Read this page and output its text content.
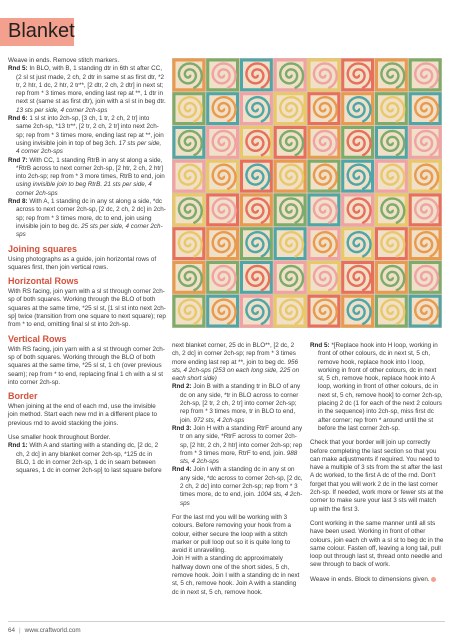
Blanket

Weave in ends. Remove stitch markers.

Rnd 5: In BLO, with B, 1 standing dtr in 6th st after CC, (2 sl st just made, 2 ch, 2 dtr in same st as first dtr, *2 tr, 2 htr, 1 dc, 2 htr, 2 tr**, [2 dtr, 2 ch, 2 dtr] in next st; rep from * 3 times more, ending last rep at **, 1 dtr in next st (same st as first dtr), join with a sl st in beg dtr. 13 sts per side, 4 corner 2ch-sps

Rnd 6: 1 sl st into 2ch-sp, [3 ch, 1 tr, 2 ch, 2 tr] into same 2ch-sp, *13 tr**, [2 tr, 2 ch, 2 tr] into next 2ch-sp; rep from * 3 times more, ending last rep at **, join using invisible join in top of beg 3ch. 17 sts per side, 4 corner 2ch-sps

Rnd 7: With CC, 1 standing RtrB in any st along a side, *RtrB across to next corner 2ch-sp, [2 htr, 2 ch, 2 htr] into 2ch-sp; rep from * 3 more times, RtrB to end, join using invisible join to beg RtrB. 21 sts per side, 4 corner 2ch-sps

Rnd 8: With A, 1 standing dc in any st along a side, *dc across to next corner 2ch-sp, [2 dc, 2 ch, 2 dc] in 2ch-sp; rep from * 3 times more, dc to end, join using invisible join to beg dc. 25 sts per side, 4 corner 2ch-sps

Joining squares

Using photographs as a guide, join horizontal rows of squares first, then join vertical rows.

Horizontal Rows

With RS facing, join yarn with a sl st through corner 2ch-sp of both squares. Working through the BLO of both squares at the same time, *25 sl st, [1 sl st into next 2ch-sp] twice (transition from one square to next square); rep from * to end, omitting final sl st into 2ch-sp.

Vertical Rows

With RS facing, join yarn with a sl st through corner 2ch-sp of both squares. Working through the BLO of both squares at the same time, *25 sl st, 1 ch (over previous seam); rep from * to end, replacing final 1 ch with a sl st into corner 2ch-sp.

Border

When joining at the end of each rnd, use the invisible join method. Start each new rnd in a different place to previous rnd to avoid stacking the joins.

Use smaller hook throughout Border.

Rnd 1: With A and starting with a standing dc, [2 dc, 2 ch, 2 dc] in any blanket corner 2ch-sp, *125 dc in BLO, 1 dc in corner 2ch-sp, 1 dc in seam between squares, 1 dc in corner 2ch-sp] to last square before

next blanket corner, 25 dc in BLO**, [2 dc, 2 ch, 2 dc] in corner 2ch-sp; rep from * 3 times more ending last rep at **, join to beg dc. 956 sts, 4 2ch-sps (253 on each long side, 225 on each short side)

Rnd 2: Join B with a standing tr in BLO of any dc on any side, *tr in BLO across to corner 2ch-sp, [2 tr, 2 ch, 2 tr] into corner 2ch-sp; rep from * 3 times more, tr in BLO to end, join. 972 sts, 4 2ch-sps

Rnd 3: Join H with a standing RtrF around any tr on any side, *RtrF across to corner 2ch-sp, [2 htr, 2 ch, 2 htr] into corner 2ch-sp; rep from * 3 times more, RtrF to end, join. 988 sts, 4 2ch-sps

Rnd 4: Join I with a standing dc in any st on any side, *dc across to corner 2ch-sp, [2 dc, 2 ch, 2 dc] into corner 2ch-sp; rep from * 3 times more, dc to end, join. 1004 sts, 4 2ch-sps

For the last rnd you will be working with 3 colours. Before removing your hook from a colour, either secure the loop with a stitch marker or pull loop out so it is quite long to avoid it unravelling.

Join H with a standing dc approximately halfway down one of the short sides, 5 ch, remove hook. Join I with a standing dc in next st, 5 ch, remove hook. Join A with a standing dc in next st, 5 ch, remove hook.

Rnd 5: *[Replace hook into H loop, working in front of other colours, dc in next st, 5 ch, remove hook, replace hook into I loop, working in front of other colours, dc in next st, 5 ch, remove hook, replace hook into A loop, working in front of other colours, dc in next st, 5 ch, remove hook] to corner 2ch-sp, placing 2 dc (1 for each of the next 2 colours in the sequence) into 2ch-sp, miss first dc after corner; rep from * around until the st before the last corner 2ch-sp.

Check that your border will join up correctly before completing the last section so that you can make adjustments if required. You need to have a multiple of 3 sts from the st after the last A dc worked, to the first A dc of the rnd. Don't forget that you will work 2 dc in the last corner 2ch-sp. If needed, work more or fewer sts at the corner to make sure your last 3 sts will match up with the first 3.

Cont working in the same manner until all sts have been used. Working in front of other colours, join each ch with a sl st to beg dc in the same colour. Fasten off, leaving a long tail, pull loop out through last st, thread onto needle and sew through to back of work.

Weave in ends. Block to dimensions given.

64 | www.craftworld.com
